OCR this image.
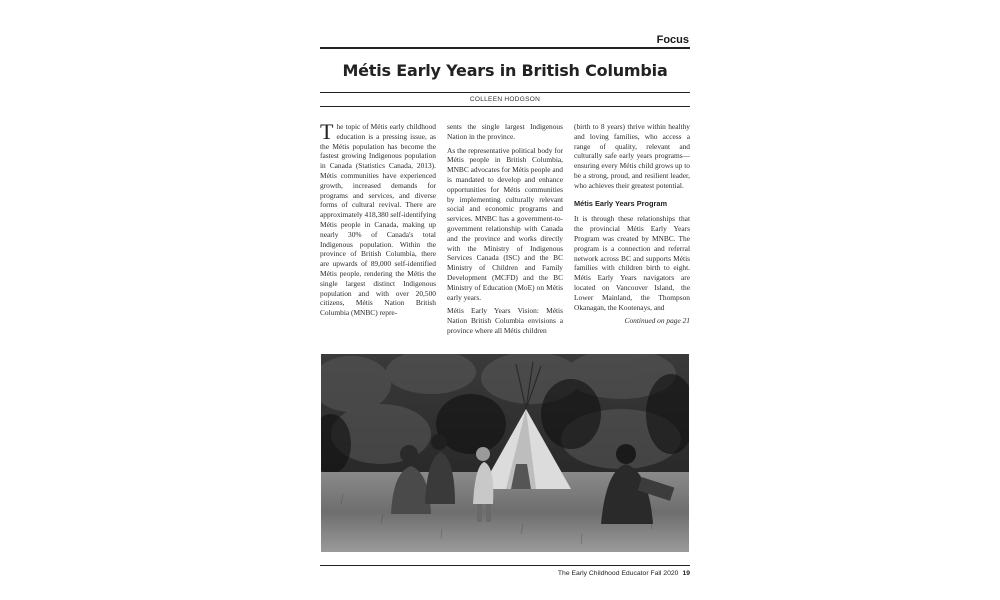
Focus
Métis Early Years in British Columbia
COLLEEN HODGSON

The topic of Métis early childhood education is a pressing issue, as the Métis population has become the fastest growing Indigenous population in Canada (Statistics Canada, 2013). Métis communities have experienced growth, increased demands for programs and services, and diverse forms of cultural revival. There are approximately 418,380 self-identifying Métis people in Canada, making up nearly 30% of Canada's total Indigenous population. Within the province of British Columbia, there are upwards of 89,000 self-identified Métis people, rendering the Métis the single largest distinct Indigenous population and with over 20,500 citizens, Métis Nation British Columbia (MNBC) repre-

sents the single largest Indigenous Nation in the province.

As the representative political body for Métis people in British Columbia, MNBC advocates for Métis people and is mandated to develop and enhance opportunities for Métis communities by implementing culturally relevant social and economic programs and services. MNBC has a government-to-government relationship with Canada and the province and works directly with the Ministry of Indigenous Services Canada (ISC) and the BC Ministry of Children and Family Development (MCFD) and the BC Ministry of Education (MoE) on Métis early years.

Métis Early Years Vision: Métis Nation British Columbia envisions a province where all Métis children

(birth to 8 years) thrive within healthy and loving families, who access a range of quality, relevant and culturally safe early years programs—ensuring every Métis child grows up to be a strong, proud, and resilient leader, who achieves their greatest potential.

Métis Early Years Program

It is through these relationships that the provincial Métis Early Years Program was created by MNBC. The program is a connection and referral network across BC and supports Métis families with children birth to eight. Métis Early Years navigators are located on Vancouver Island, the Lower Mainland, the Thompson Okanagan, the Kootenays, and

Continued on page 21
The Early Childhood Educator Fall 2020 19
